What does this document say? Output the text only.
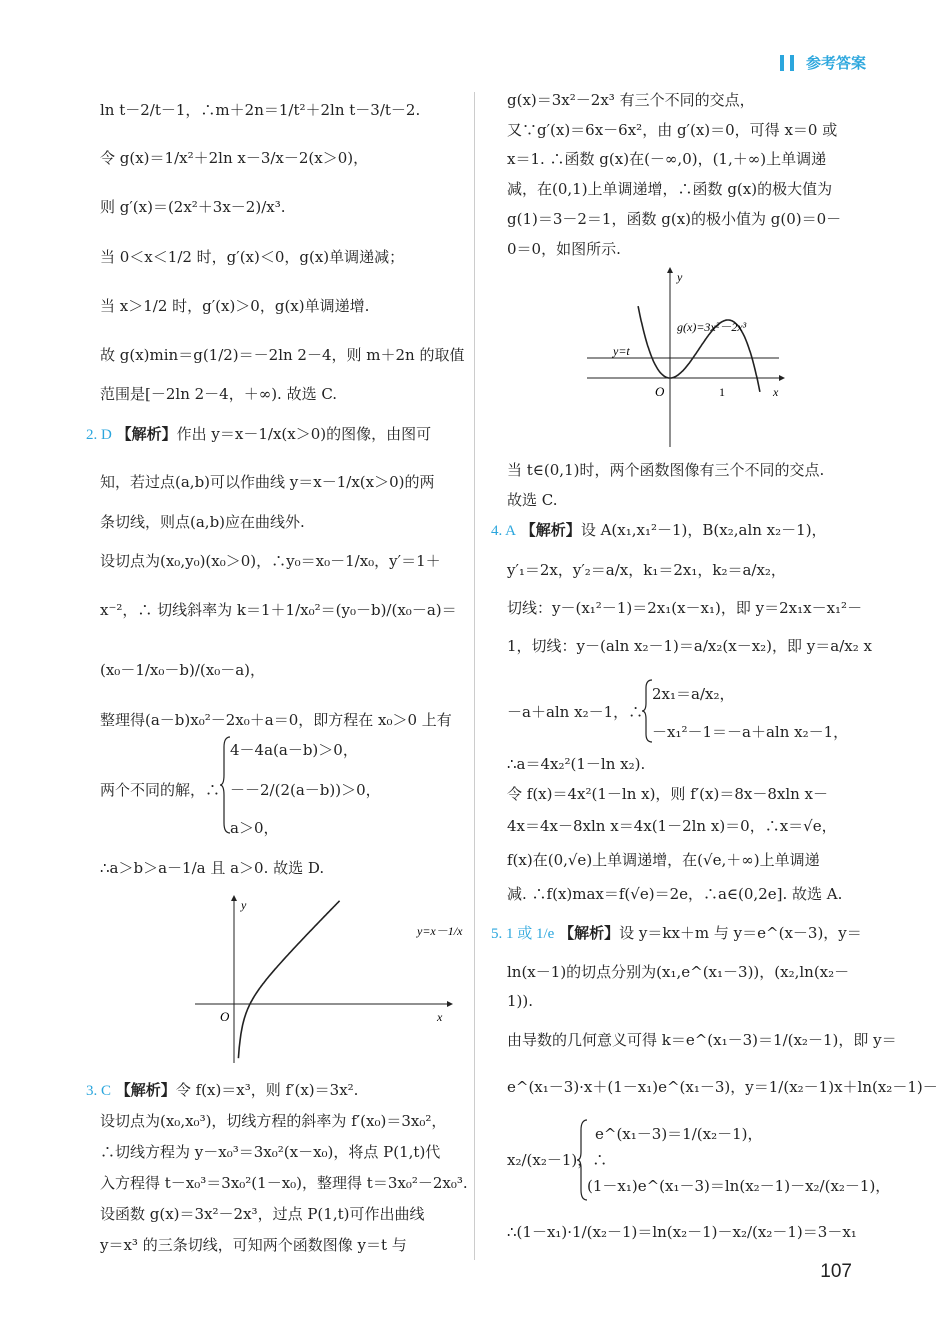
参考答案
ln t－2/t－1，∴m＋2n＝1/t²＋2ln t－3/t－2.
令 g(x)＝1/x²＋2ln x－3/x－2(x＞0)，
则 g′(x)＝(2x²＋3x－2)/x³.
当 0＜x＜1/2 时，g′(x)＜0，g(x)单调递减；
当 x＞1/2 时，g′(x)＞0，g(x)单调递增.
故 g(x)min＝g(1/2)＝－2ln 2－4，则 m＋2n 的取值
范围是[－2ln 2－4，＋∞). 故选 C.
2. D 【解析】作出 y＝x－1/x(x＞0)的图像，由图可
知，若过点(a,b)可以作曲线 y＝x－1/x(x＞0)的两
条切线，则点(a,b)应在曲线外.
设切点为(x₀,y₀)(x₀＞0)，∴y₀＝x₀－1/x₀，y′＝1＋
x⁻²，∴ 切线斜率为 k＝1＋1/x₀²＝(y₀－b)/(x₀－a)＝
(x₀－1/x₀－b)/(x₀－a)，
整理得(a－b)x₀²－2x₀＋a＝0，即方程在 x₀＞0 上有
4－4a(a－b)＞0，
两个不同的解，∴ －－2/(2(a－b))＞0，
a＞0，
∴a＞b＞a－1/a 且 a＞0. 故选 D.
y
x
O
y=x－1/x
3. C 【解析】令 f(x)＝x³，则 f′(x)＝3x².
设切点为(x₀,x₀³)，切线方程的斜率为 f′(x₀)＝3x₀²，
∴切线方程为 y－x₀³＝3x₀²(x－x₀)，将点 P(1,t)代
入方程得 t－x₀³＝3x₀²(1－x₀)，整理得 t＝3x₀²－2x₀³.
设函数 g(x)＝3x²－2x³，过点 P(1,t)可作出曲线
y＝x³ 的三条切线，可知两个函数图像 y＝t 与
g(x)＝3x²－2x³ 有三个不同的交点，
又∵g′(x)＝6x－6x²，由 g′(x)＝0，可得 x＝0 或
x＝1. ∴函数 g(x)在(－∞,0)，(1,＋∞)上单调递
减，在(0,1)上单调递增，∴函数 g(x)的极大值为
g(1)＝3－2＝1，函数 g(x)的极小值为 g(0)＝0－
0＝0，如图所示.
y
x
O	1
y=t
g(x)=3x²－2x³
当 t∈(0,1)时，两个函数图像有三个不同的交点.
故选 C.
4. A 【解析】设 A(x₁,x₁²－1)，B(x₂,aln x₂－1)，
y′₁＝2x，y′₂＝a/x，k₁＝2x₁，k₂＝a/x₂，
切线：y－(x₁²－1)＝2x₁(x－x₁)，即 y＝2x₁x－x₁²－
1，切线：y－(aln x₂－1)＝a/x₂(x－x₂)，即 y＝a/x₂ x
2x₁＝a/x₂，
－a＋aln x₂－1，∴
－x₁²－1＝－a＋aln x₂－1，
∴a＝4x₂²(1－ln x₂).
令 f(x)＝4x²(1－ln x)，则 f′(x)＝8x－8xln x－
4x＝4x－8xln x＝4x(1－2ln x)＝0，∴x＝√e，
f(x)在(0,√e)上单调递增，在(√e,＋∞)上单调递
减. ∴f(x)max＝f(√e)＝2e，∴a∈(0,2e]. 故选 A.
5. 1 或 1/e 【解析】设 y＝kx＋m 与 y＝e^(x－3)，y＝
ln(x－1)的切点分别为(x₁,e^(x₁－3))，(x₂,ln(x₂－
1)).
由导数的几何意义可得 k＝e^(x₁－3)＝1/(x₂－1)，即 y＝
e^(x₁－3)·x＋(1－x₁)e^(x₁－3)，y＝1/(x₂－1)x＋ln(x₂－1)－
e^(x₁－3)＝1/(x₂－1)，
x₂/(x₂－1)，∴
(1－x₁)e^(x₁－3)＝ln(x₂－1)－x₂/(x₂－1)，
∴(1－x₁)·1/(x₂－1)＝ln(x₂－1)－x₂/(x₂－1)＝3－x₁
107
